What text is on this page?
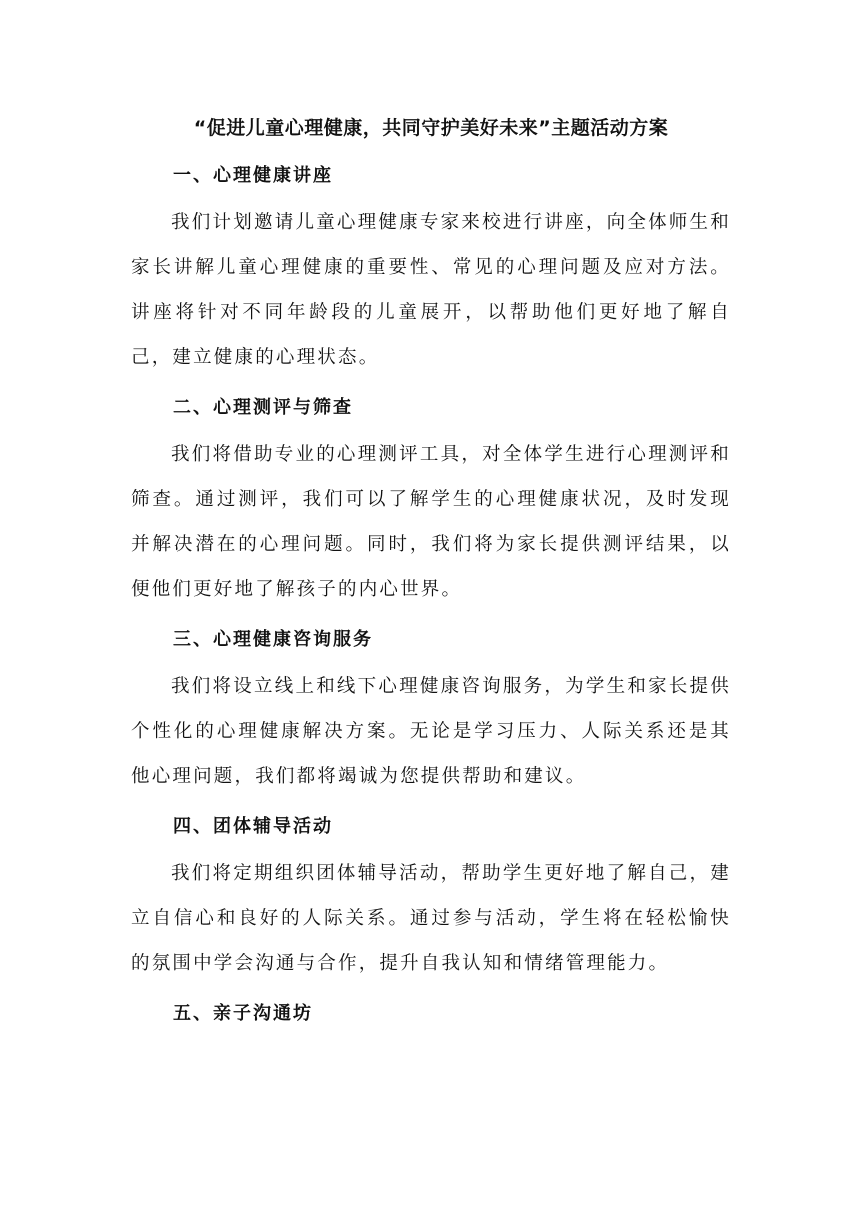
“促进儿童心理健康，共同守护美好未来”主题活动方案
一、心理健康讲座

我们计划邀请儿童心理健康专家来校进行讲座，向全体师生和家长讲解儿童心理健康的重要性、常见的心理问题及应对方法。讲座将针对不同年龄段的儿童展开，以帮助他们更好地了解自己，建立健康的心理状态。

二、心理测评与筛查

我们将借助专业的心理测评工具，对全体学生进行心理测评和筛查。通过测评，我们可以了解学生的心理健康状况，及时发现并解决潜在的心理问题。同时，我们将为家长提供测评结果，以便他们更好地了解孩子的内心世界。

三、心理健康咨询服务

我们将设立线上和线下心理健康咨询服务，为学生和家长提供个性化的心理健康解决方案。无论是学习压力、人际关系还是其他心理问题，我们都将竭诚为您提供帮助和建议。

四、团体辅导活动

我们将定期组织团体辅导活动，帮助学生更好地了解自己，建立自信心和良好的人际关系。通过参与活动，学生将在轻松愉快的氛围中学会沟通与合作，提升自我认知和情绪管理能力。

五、亲子沟通坊
